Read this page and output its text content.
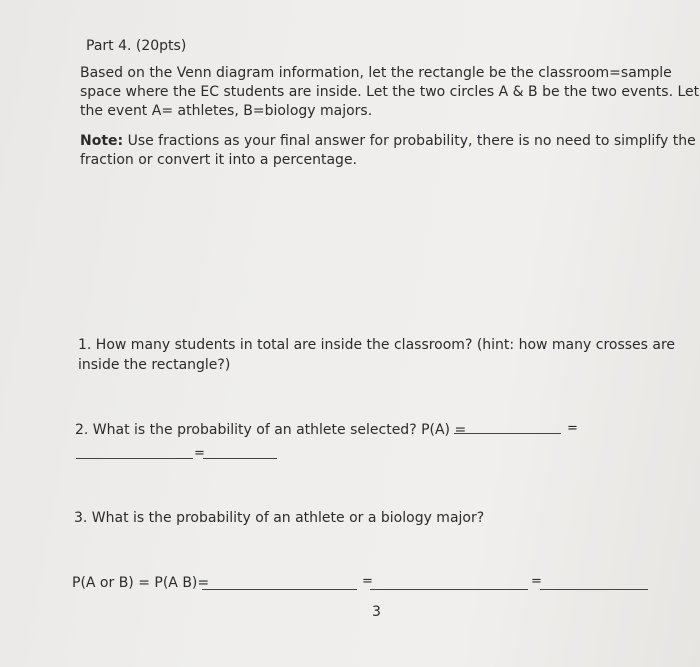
Part 4. (20pts)
Based on the Venn diagram information, let the rectangle be the classroom=sample
space where the EC students are inside. Let the two circles A & B be the two events. Let
the event A= athletes, B=biology majors.
Note: Use fractions as your final answer for probability, there is no need to simplify the
fraction or convert it into a percentage.
1. How many students in total are inside the classroom? (hint: how many crosses are
inside the rectangle?)
2. What is the probability of an athlete selected? P(A) =	=
=
3. What is the probability of an athlete or a biology major?
P(A or B) = P(A B)=	=	=
3
